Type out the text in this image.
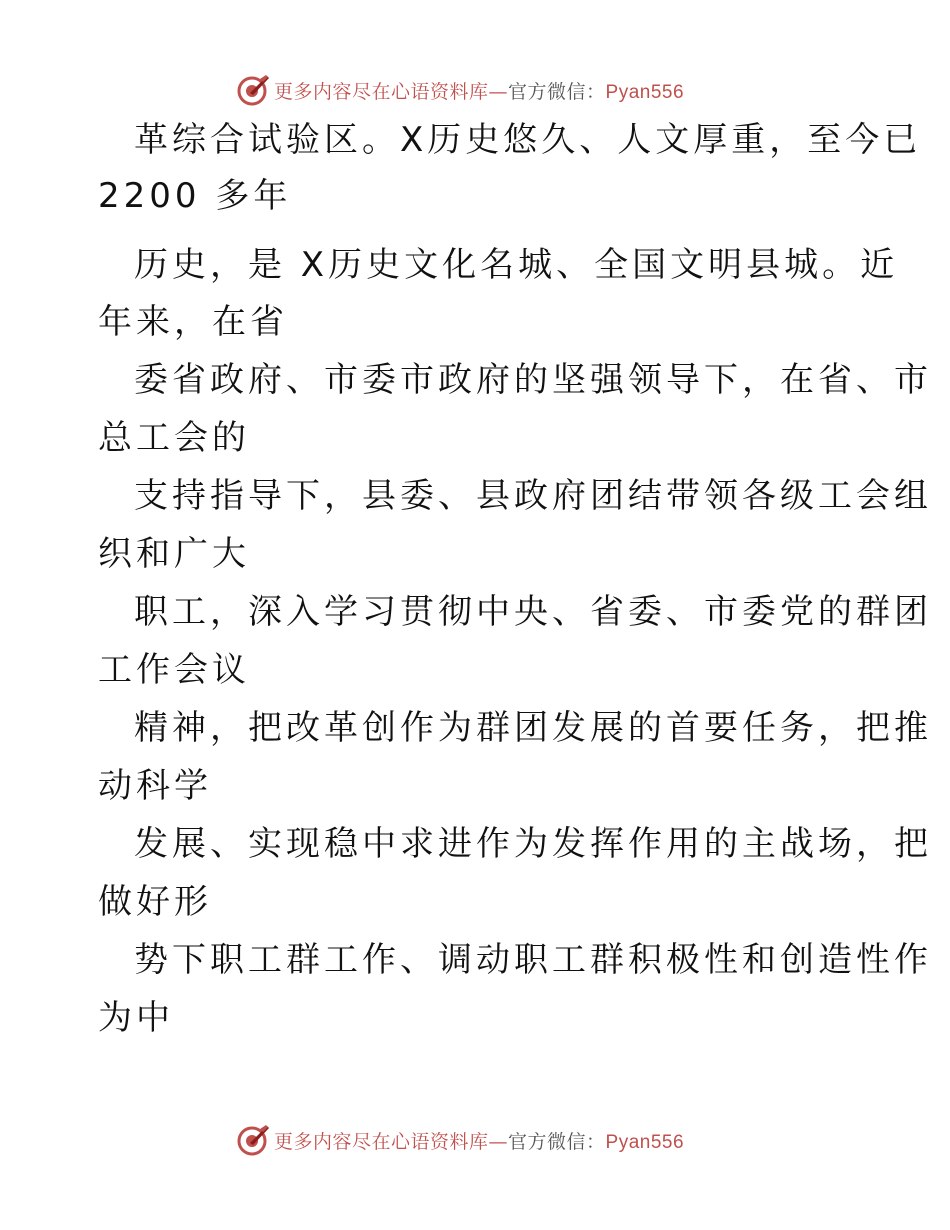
更多内容尽在心语资料库—官方微信：Pyan556
革综合试验区。X历史悠久、人文厚重，至今已
2200 多年
历史，是 X历史文化名城、全国文明县城。近
年来，在省
委省政府、市委市政府的坚强领导下，在省、市
总工会的
支持指导下，县委、县政府团结带领各级工会组
织和广大
职工，深入学习贯彻中央、省委、市委党的群团
工作会议
精神，把改革创作为群团发展的首要任务，把推
动科学
发展、实现稳中求进作为发挥作用的主战场，把
做好形
势下职工群工作、调动职工群积极性和创造性作
为中
更多内容尽在心语资料库—官方微信：Pyan556
